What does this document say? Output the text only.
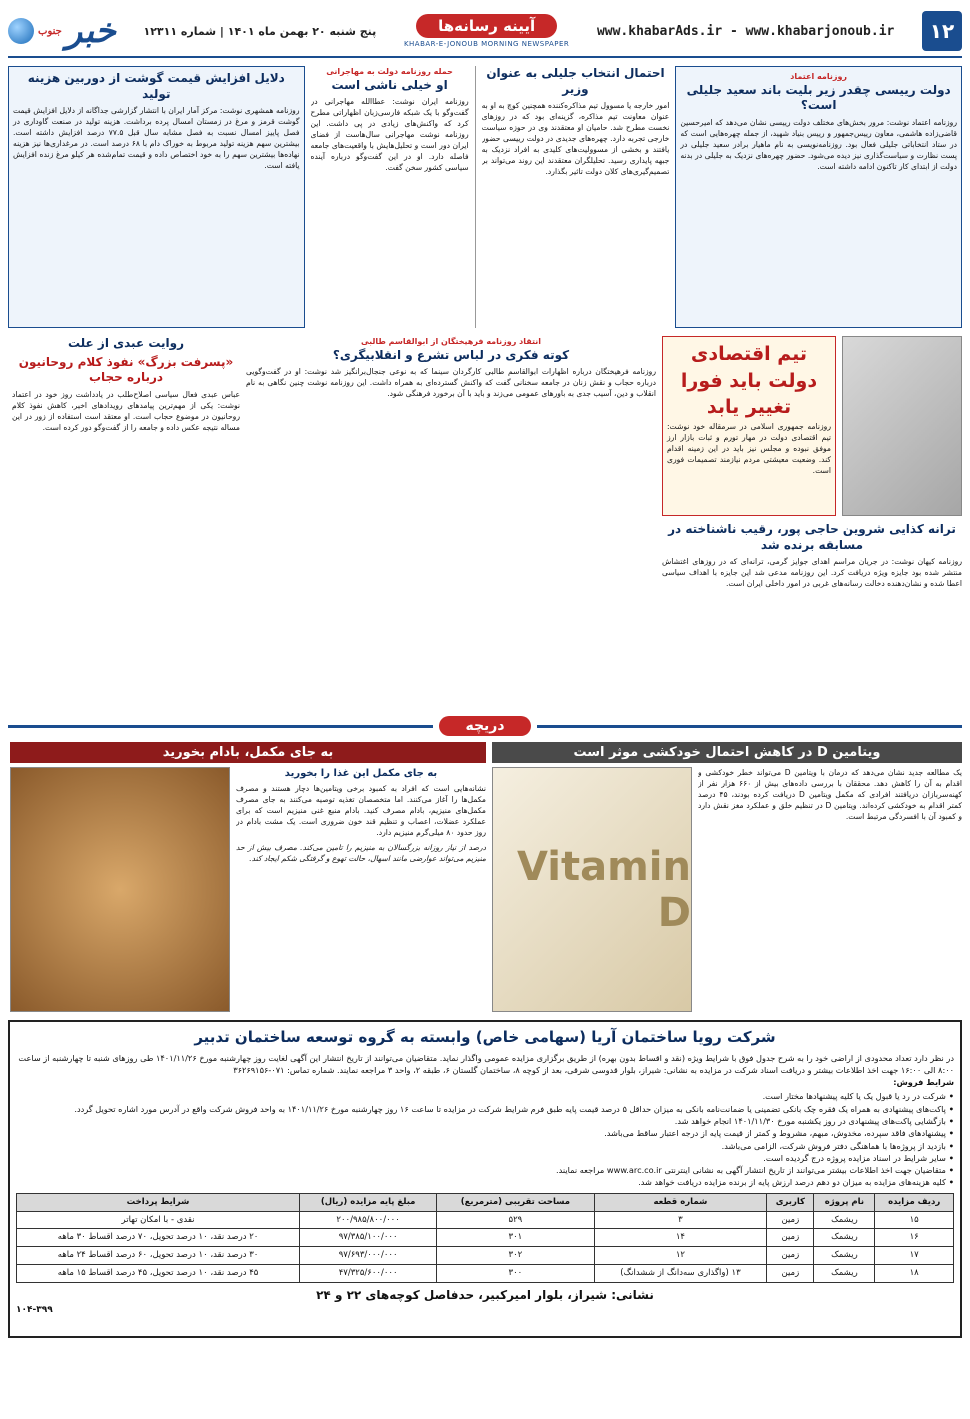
۱۲
www.khabarAds.ir - www.khabarjonoub.ir
آیینه رسانه‌ها
KHABAR-E-JONOUB MORNING NEWSPAPER
پنج شنبه ۲۰ بهمن ماه ۱۴۰۱ | شماره ۱۲۳۱۱
خبر
جنوب
روزنامه اعتماد
دولت رییسی چقدر زیر بلیت باند سعید جلیلی است؟

روزنامه اعتماد نوشت: مرور بخش‌های مختلف دولت رییسی نشان می‌دهد که امیرحسین قاضی‌زاده هاشمی، معاون رییس‌جمهور و رییس بنیاد شهید، از جمله چهره‌هایی است که در ستاد انتخاباتی جلیلی فعال بود. روزنامه‌نویسی به نام ماهیار برادر سعید جلیلی در پست نظارت و سیاست‌گذاری نیز دیده می‌شود. حضور چهره‌های نزدیک به جلیلی در بدنه دولت از ابتدای کار تاکنون ادامه داشته است.

احتمال انتخاب جلیلی به عنوان وزیر

امور خارجه یا مسوول تیم مذاکره‌کننده همچنین کوچ به او به عنوان معاونت تیم مذاکره، گزینه‌ای بود که در روزهای نخست مطرح شد. حامیان او معتقدند وی در حوزه سیاست خارجی تجربه دارد. چهره‌های جدیدی در دولت رییسی حضور یافتند و بخشی از مسوولیت‌های کلیدی به افراد نزدیک به جبهه پایداری رسید. تحلیلگران معتقدند این روند می‌تواند بر تصمیم‌گیری‌های کلان دولت تاثیر بگذارد.

حمله روزنامه دولت به مهاجرانی
او خیلی ناشی است

روزنامه ایران نوشت: عطاالله مهاجرانی در گفت‌وگو با یک شبکه فارسی‌زبان اظهاراتی مطرح کرد که واکنش‌های زیادی در پی داشت. این روزنامه نوشت مهاجرانی سال‌هاست از فضای ایران دور است و تحلیل‌هایش با واقعیت‌های جامعه فاصله دارد. او در این گفت‌وگو درباره آینده سیاسی کشور سخن گفت.

دلایل افزایش قیمت گوشت از دوربین هزینه تولید

روزنامه همشهری نوشت: مرکز آمار ایران با انتشار گزارشی جداگانه از دلایل افزایش قیمت گوشت قرمز و مرغ در زمستان امسال پرده برداشت. هزینه تولید در صنعت گاوداری در فصل پاییز امسال نسبت به فصل مشابه سال قبل ۷۷.۵ درصد افزایش داشته است. بیشترین سهم هزینه تولید مربوط به خوراک دام با ۶۸ درصد است. در مرغداری‌ها نیز هزینه نهاده‌ها بیشترین سهم را به خود اختصاص داده و قیمت تمام‌شده هر کیلو مرغ زنده افزایش یافته است.

تیم اقتصادی دولت باید فورا تغییر یابد

روزنامه جمهوری اسلامی در سرمقاله خود نوشت: تیم اقتصادی دولت در مهار تورم و ثبات بازار ارز موفق نبوده و مجلس نیز باید در این زمینه اقدام کند. وضعیت معیشتی مردم نیازمند تصمیمات فوری است.

ترانه کذایی شروین حاجی پور، رقیب ناشناخته در مسابقه برنده شد

روزنامه کیهان نوشت: در جریان مراسم اهدای جوایز گرمی، ترانه‌ای که در روزهای اغتشاش منتشر شده بود جایزه ویژه دریافت کرد. این روزنامه مدعی شد این جایزه با اهداف سیاسی اعطا شده و نشان‌دهنده دخالت رسانه‌های غربی در امور داخلی ایران است.

انتقاد روزنامه فرهیختگان از ابوالقاسم طالبی
کوته فکری در لباس تشرع و انقلابیگری؟

روزنامه فرهیختگان درباره اظهارات ابوالقاسم طالبی کارگردان سینما که به نوعی جنجال‌برانگیز شد نوشت: او در گفت‌وگویی درباره حجاب و نقش زنان در جامعه سخنانی گفت که واکنش گسترده‌ای به همراه داشت. این روزنامه نوشت چنین نگاهی به نام انقلاب و دین، آسیب جدی به باورهای عمومی می‌زند و باید با آن برخورد فرهنگی شود.

روایت عبدی از علت
«پسرفت بزرگ» نفوذ کلام روحانیون درباره حجاب

عباس عبدی فعال سیاسی اصلاح‌طلب در یادداشت روز خود در اعتماد نوشت: یکی از مهم‌ترین پیامدهای رویدادهای اخیر، کاهش نفوذ کلام روحانیون در موضوع حجاب است. او معتقد است استفاده از زور در این مساله نتیجه عکس داده و جامعه را از گفت‌وگو دور کرده است.

دریچه
ویتامین D در کاهش احتمال خودکشی موثر است

یک مطالعه جدید نشان می‌دهد که درمان با ویتامین D می‌تواند خطر خودکشی و اقدام به آن را کاهش دهد. محققان با بررسی داده‌های بیش از ۶۶۰ هزار نفر از کهنه‌سربازان دریافتند افرادی که مکمل ویتامین D دریافت کرده بودند، ۴۵ درصد کمتر اقدام به خودکشی کرده‌اند. ویتامین D در تنظیم خلق و عملکرد مغز نقش دارد و کمبود آن با افسردگی مرتبط است.

Vitamin D
به جای مکمل، بادام بخورید
به جای مکمل این غذا را بخورید

نشانه‌هایی است که افراد به کمبود برخی ویتامین‌ها دچار هستند و مصرف مکمل‌ها را آغاز می‌کنند. اما متخصصان تغذیه توصیه می‌کنند به جای مصرف مکمل‌های منیزیم، بادام مصرف کنید. بادام منبع غنی منیزیم است که برای عملکرد عضلات، اعصاب و تنظیم قند خون ضروری است. یک مشت بادام در روز حدود ۸۰ میلی‌گرم منیزیم دارد.

درصد از نیاز روزانه بزرگسالان به منیزیم را تامین می‌کند. مصرف بیش از حد منیزیم می‌تواند عوارضی مانند اسهال، حالت تهوع و گرفتگی شکم ایجاد کند.

شرکت رویا ساختمان آریا (سهامی خاص) وابسته به گروه توسعه ساختمان تدبیر

در نظر دارد تعداد محدودی از اراضی خود را به شرح جدول فوق با شرایط ویژه (نقد و اقساط بدون بهره) از طریق برگزاری مزایده عمومی واگذار نماید. متقاضیان می‌توانند از تاریخ انتشار این آگهی لغایت روز چهارشنبه مورخ ۱۴۰۱/۱۱/۲۶ طی روزهای شنبه تا چهارشنبه از ساعت ۸:۰۰ الی ۱۶:۰۰ جهت اخذ اطلاعات بیشتر و دریافت اسناد شرکت در مزایده به نشانی: شیراز، بلوار قدوسی شرقی، بعد از کوچه ۸، ساختمان گلستان ۶، طبقه ۲، واحد ۳ مراجعه نمایند. شماره تماس: ۰۷۱-۳۶۲۶۹۱۵۶

شرایط فروش:
• شرکت در رد یا قبول یک یا کلیه پیشنهادها مختار است.
• پاکت‌های پیشنهادی به همراه یک فقره چک بانکی تضمینی یا ضمانت‌نامه بانکی به میزان حداقل ۵ درصد قیمت پایه طبق فرم شرایط شرکت در مزایده تا ساعت ۱۶ روز چهارشنبه مورخ ۱۴۰۱/۱۱/۲۶ به واحد فروش شرکت واقع در آدرس مورد اشاره تحویل گردد.
• بازگشایی پاکت‌های پیشنهادی در روز یکشنبه مورخ ۱۴۰۱/۱۱/۳۰ انجام خواهد شد.
• پیشنهادهای فاقد سپرده، مخدوش، مبهم، مشروط و کمتر از قیمت پایه از درجه اعتبار ساقط می‌باشد.
• بازدید از پروژه‌ها با هماهنگی دفتر فروش شرکت، الزامی می‌باشد.
• سایر شرایط در اسناد مزایده پروژه درج گردیده است.
• متقاضیان جهت اخذ اطلاعات بیشتر می‌توانند از تاریخ انتشار آگهی به نشانی اینترنتی www.arc.co.ir مراجعه نمایند.
• کلیه هزینه‌های مزایده به میزان دو دهم درصد ارزش پایه از برنده مزایده دریافت خواهد شد.
ردیف مزایده	نام پروژه	کاربری	شماره قطعه	مساحت تقریبی (مترمربع)	مبلغ پایه مزایده (ریال)	شرایط پرداخت
۱۵	ریشمک	زمین	۳	۵۲۹	۲۰۰/۹۸۵/۸۰۰/۰۰۰	نقدی - با امکان تهاتر
۱۶	ریشمک	زمین	۱۴	۳۰۱	۹۷/۳۸۵/۱۰۰/۰۰۰	۲۰ درصد نقد، ۱۰ درصد تحویل، ۷۰ درصد اقساط ۳۰ ماهه
۱۷	ریشمک	زمین	۱۲	۳۰۲	۹۷/۶۹۳/۰۰۰/۰۰۰	۳۰ درصد نقد، ۱۰ درصد تحویل، ۶۰ درصد اقساط ۲۴ ماهه
۱۸	ریشمک	زمین	۱۳ (واگذاری سه‌دانگ از ششدانگ)	۳۰۰	۴۷/۳۲۵/۶۰۰/۰۰۰	۴۵ درصد نقد، ۱۰ درصد تحویل، ۴۵ درصد اقساط ۱۵ ماهه
نشانی: شیراز، بلوار امیرکبیر، حدفاصل کوچه‌های ۲۲ و ۲۴
۱۰۴-۳۹۹
